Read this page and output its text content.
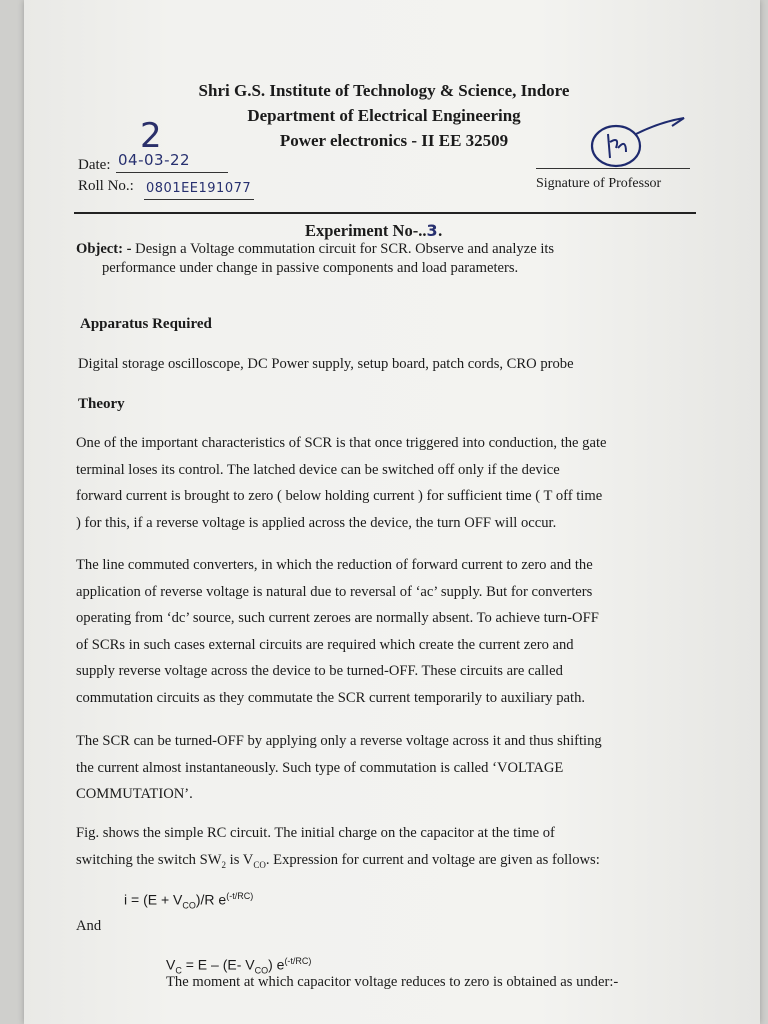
2
Shri G.S. Institute of Technology & Science, Indore
Department of Electrical Engineering
Power electronics - II EE 32509
Date: 04-03-22
Roll No.: 0801EE191077	Signature of Professor
Experiment No-..3.
Object: - Design a Voltage commutation circuit for SCR. Observe and analyze its
performance under change in passive components and load parameters.
Apparatus Required
Digital storage oscilloscope, DC Power supply, setup board, patch cords, CRO probe
Theory

One of the important characteristics of SCR is that once triggered into conduction, the gate

terminal loses its control. The latched device can be switched off only if the device

forward current is brought to zero ( below holding current ) for sufficient time ( T off time

) for this, if a reverse voltage is applied across the device, the turn OFF will occur.

The line commuted converters, in which the reduction of forward current to zero and the

application of reverse voltage is natural due to reversal of ‘ac’ supply. But for converters

operating from ‘dc’ source, such current zeroes are normally absent. To achieve turn-OFF

of SCRs in such cases external circuits are required which create the current zero and

supply reverse voltage across the device to be turned-OFF. These circuits are called

commutation circuits as they commutate the SCR current temporarily to auxiliary path.

The SCR can be turned-OFF by applying only a reverse voltage across it and thus shifting

the current almost instantaneously. Such type of commutation is called ‘VOLTAGE

COMMUTATION’.

Fig. shows the simple RC circuit. The initial charge on the capacitor at the time of

switching the switch $SW_2$ is $V_{CO}$. Expression for current and voltage are given as follows:

$i = (E + V_{CO})/R$ $e^{(-t/RC)}$
And
$V_C = E - (E-$ $V_{CO}$) $e^{(-t/RC)}$
The moment at which capacitor voltage reduces to zero is obtained as under:-
